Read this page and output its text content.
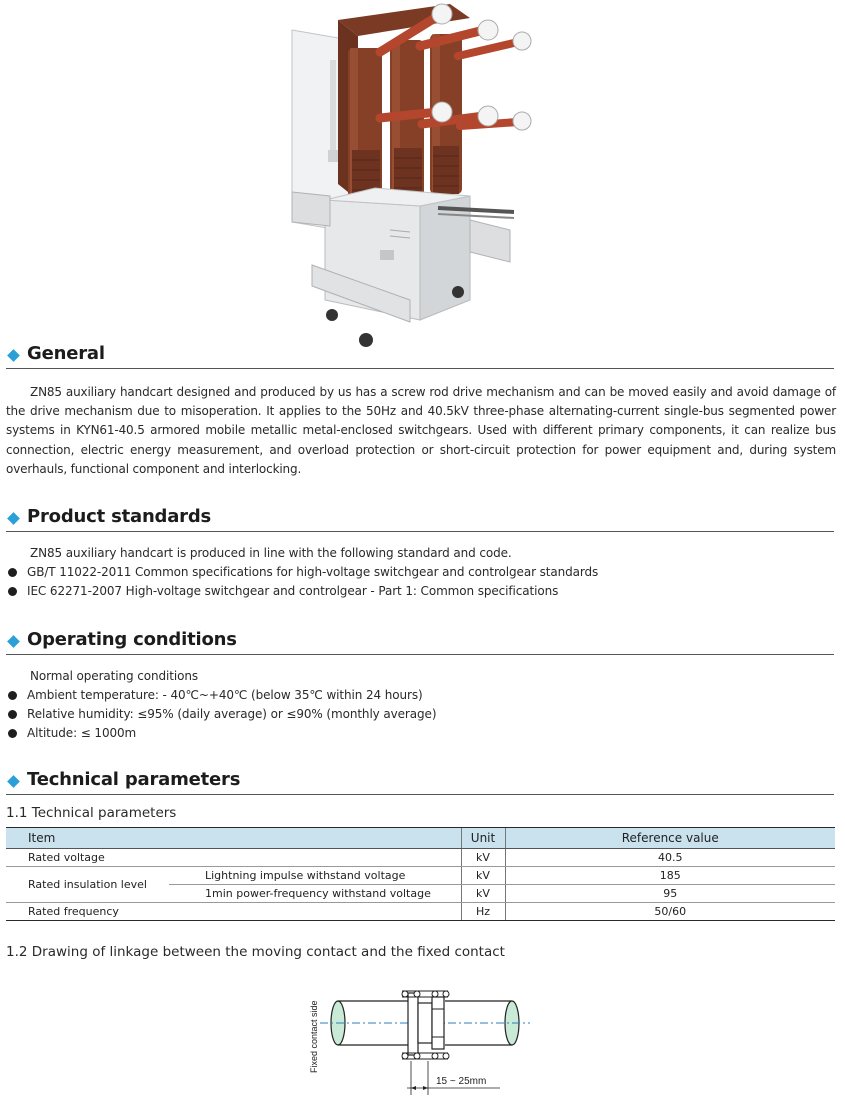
General

ZN85 auxiliary handcart designed and produced by us has a screw rod drive mechanism and can be moved easily and avoid damage of the drive mechanism due to misoperation. It applies to the 50Hz and 40.5kV three-phase alternating-current single-bus segmented power systems in KYN61-40.5 armored mobile metallic metal-enclosed switchgears. Used with different primary components, it can realize bus connection, electric energy measurement, and overload protection or short-circuit protection for power equipment and, during system overhauls, functional component and interlocking.

Product standards
ZN85 auxiliary handcart is produced in line with the following standard and code.
GB/T 11022-2011 Common specifications for high-voltage switchgear and controlgear standards
IEC 62271-2007 High-voltage switchgear and controlgear - Part 1: Common specifications
Operating conditions
Normal operating conditions
Ambient temperature: - 40℃~+40℃ (below 35℃ within 24 hours)
Relative humidity: ≤95% (daily average) or ≤90% (monthly average)
Altitude: ≤ 1000m
Technical parameters
1.1 Technical parameters
Item		Unit	Reference value
Rated voltage		kV	40.5
Rated insulation level	Lightning impulse withstand voltage	kV	185
	1min power-frequency withstand voltage	kV	95
Rated frequency		Hz	50/60
1.2 Drawing of linkage between the moving contact and the fixed contact
Fixed contact side
15 ~ 25mm
